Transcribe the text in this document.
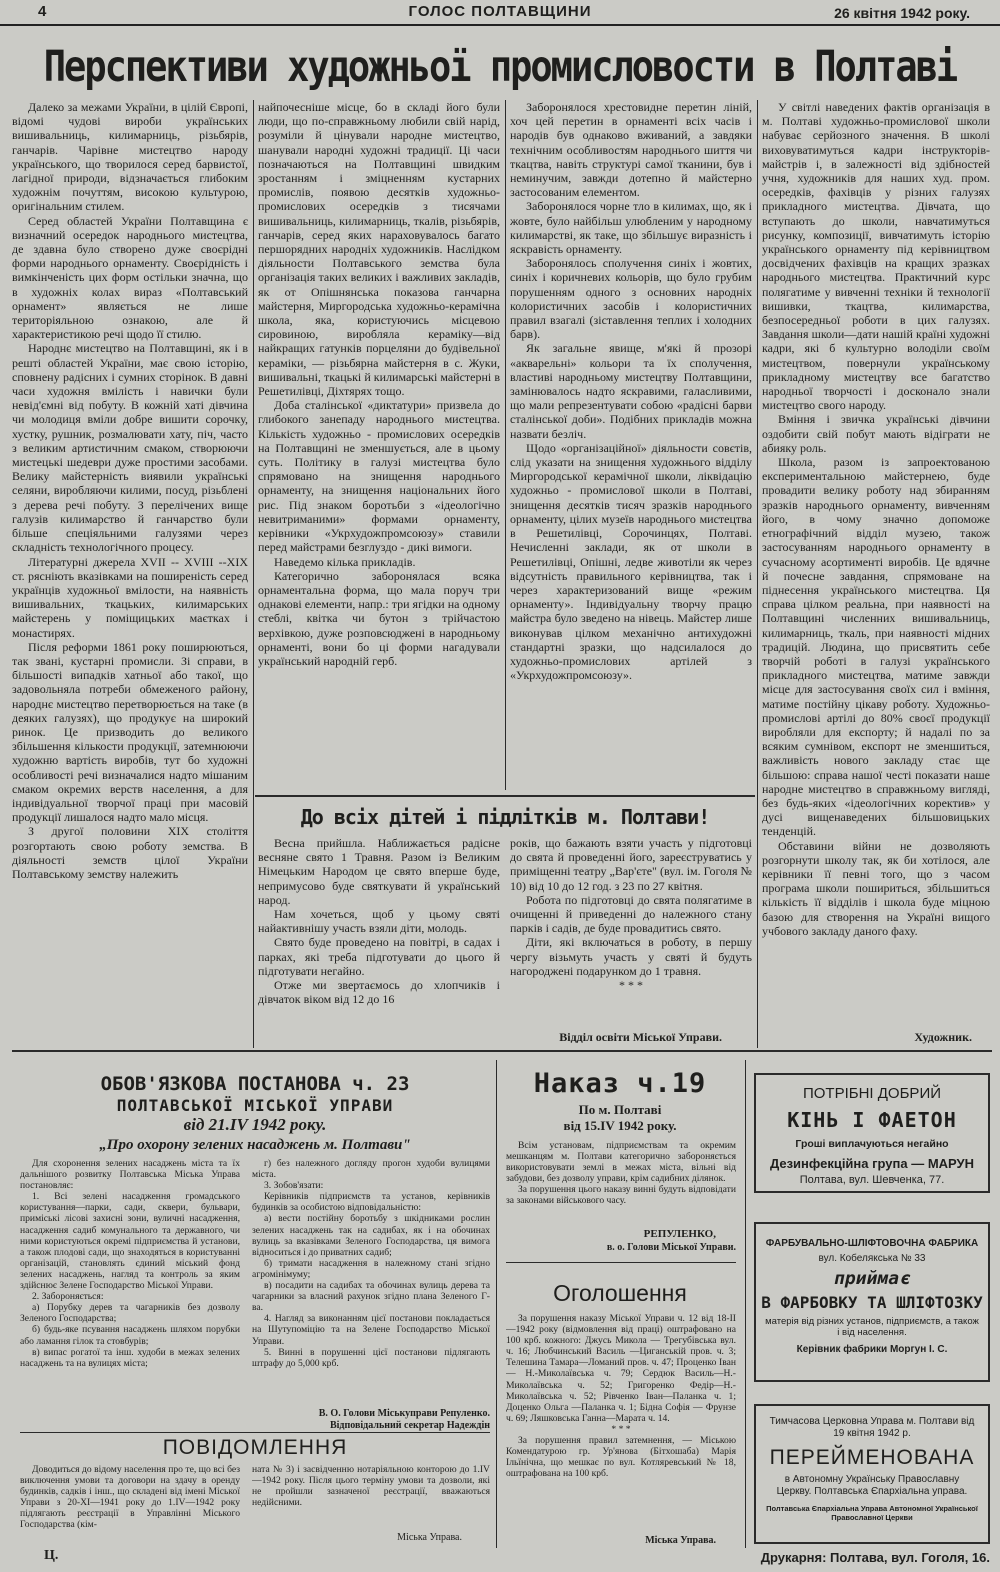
4	ГОЛОС ПОЛТАВЩИНИ	26 квітня 1942 року.
Перспективи художньої промисловости в Полтаві

Далеко за межами України, в цілій Європі, відомі чудові вироби українських вишивальниць, килимарниць, різьбярів, ганчарів. Чарівне мистецтво народу українського, що творилося серед барвистої, лагідної природи, відзначається глибоким художнім почуттям, високою культурою, оригінальним стилем.

Серед областей України Полтавщина є визначний осередок народнього мистецтва, де здавна було створено дуже своєрідні форми народнього орнаменту. Своєрідність і вимкінченість цих форм остільки значна, що в художніх колах вираз «Полтавський орнамент» являється не лише територіяльною ознакою, але й характеристикою речі щодо її стилю.

Народнє мистецтво на Полтавщині, як і в решті областей України, має свою історію, сповнену радісних і сумних сторінок. В давні часи художня вмілість і навички були невід'ємні від побуту. В кожній хаті дівчина чи молодиця вміли добре вишити сорочку, хустку, рушник, розмалювати хату, піч, часто з великим артистичним смаком, створюючи мистецькі шедеври дуже простими засобами. Велику майстерність виявили українські селяни, виробляючи килими, посуд, різьблені з дерева речі побуту. З перелічених вище галузів килимарство й ганчарство були більше спеціяльними галузями через складність технологічного процесу.

Літературні джерела XVII -- XVIII --XIX ст. рясніють вказівками на поширеність серед українців художньої вмілости, на наявність вишивальних, ткацьких, килимарських майстерень у поміщицьких маєтках і монастирях.

Після реформи 1861 року поширюються, так звані, кустарні промисли. Зі справи, в більшості випадків хатньої або такої, що задовольняла потреби обмеженого району, народнє мистецтво перетворюється на таке (в деяких галузях), що продукує на широкий ринок. Це призводить до великого збільшення кількости продукції, затемнюючи художню вартість виробів, тут бо художні особливості речі визначалися надто мішаним смаком окремих верств населення, а для індивідуальної творчої праці при масовій продукції лишалося надто мало місця.

З другої половини XIX століття розгортають свою роботу земства. В діяльності земств цілої України Полтавському земству належить

найпочесніше місце, бо в складі його були люди, що по-справжньому любили свій нарід, розуміли й цінували народне мистецтво, шанували народні художні традиції. Ці часи позначаються на Полтавщині швидким зростанням і зміцненням кустарних промислів, появою десятків художньо-промислових осередків з тисячами вишивальниць, килимарниць, ткалів, різьбярів, ганчарів, серед яких нараховувалось багато першорядних народніх художників. Наслідком діяльности Полтавського земства була організація таких великих і важливих закладів, як от Опішнянська показова ганчарна майстерня, Миргородська художньо-керамічна школа, яка, користуючись місцевою сировиною, виробляла кераміку—від найкращих гатунків порцеляни до будівельної кераміки, — різьбярна майстерня в с. Жуки, вишивальні, ткацькі й килимарські майстерні в Решетилівці, Діхтярях тощо.

Доба сталінської «диктатури» призвела до глибокого занепаду народнього мистецтва. Кількість художньо - промислових осередків на Полтавщині не зменшується, але в цьому суть. Політику в галузі мистецтва було спрямовано на знищення народнього орнаменту, на знищення національних його рис. Під знаком боротьби з «ідеологічно невитриманими» формами орнаменту, керівники «Укрхудожпромсоюзу» ставили перед майстрами безглуздо - дикі вимоги.

Наведемо кілька прикладів.

Категорично заборонялася всяка орнаментальна форма, що мала поруч три однакові елементи, напр.: три ягідки на одному стеблі, квітка чи бутон з трійчастою верхівкою, дуже розповсюджені в народньому орнаменті, вони бо ці форми нагадували український народній герб.

Заборонялося хрестовидне перетин ліній, хоч цей перетин в орнаменті всіх часів і народів був однаково вживаний, а завдяки технічним особливостям народнього шиття чи ткацтва, навіть структурі самої тканини, був і неминучим, завжди дотепно й майстерно застосованим елементом.

Заборонялося чорне тло в килимах, що, як і жовте, було найбільш улюбленим у народному килимарстві, як таке, що збільшує виразність і яскравість орнаменту.

Заборонялось сполучення синіх і жовтих, синіх і коричневих кольорів, що було грубим порушенням одного з основних народніх колористичних засобів і колористичних правил взагалі (зіставлення теплих і холодних барв).

Як загальне явище, м'які й прозорі «акварельні» кольори та їх сполучення, властиві народньому мистецтву Полтавщини, замінювалось надто яскравими, галасливими, що мали репрезентувати собою «радісні барви сталінської доби». Подібних прикладів можна назвати безліч.

Щодо «організаційної» діяльности совєтів, слід указати на знищення художнього відділу Миргородської керамічної школи, ліквідацію художньо - промислової школи в Полтаві, знищення десятків тисяч зразків народнього орнаменту, цілих музеїв народнього мистецтва в Решетилівці, Сорочинцях, Полтаві. Нечисленні заклади, як от школи в Решетилівці, Опішні, ледве животіли як через відсутність правильного керівництва, так і через характеризований вище «режим орнаменту». Індивідуальну творчу працю майстра було зведено на нівець. Майстер лише виконував цілком механічно антихудожні стандартні зразки, що надсилалося до художньо-промислових артілей з «Укрхудожпромсоюзу».

У світлі наведених фактів організація в м. Полтаві художньо-промислової школи набуває серйозного значення. В школі виховуватимуться кадри інструкторів-майстрів і, в залежності від здібностей учня, художників для наших худ. пром. осередків, фахівців у різних галузях прикладного мистецтва. Дівчата, що вступають до школи, навчатимуться рисунку, композиції, вивчатимуть історію українського орнаменту під керівництвом досвідчених фахівців на кращих зразках народнього мистецтва. Практичний курс полягатиме у вивченні техніки й технології вишивки, ткацтва, килимарства, безпосередньої роботи в цих галузях. Завдання школи—дати нашій країні художні кадри, які б культурно володіли своїм мистецтвом, повернули українському прикладному мистецтву все багатство народньої творчості і досконало знали мистецтво свого народу.

Вміння і звичка українські дівчини оздобити свій побут мають відіграти не абияку роль.

Школа, разом із запроектованою експериментальною майстернею, буде провадити велику роботу над збиранням зразків народнього орнаменту, вивченням його, в чому значно допоможе етнографічний відділ музею, також застосуванням народнього орнаменту в сучасному асортименті виробів. Це вдячне й почесне завдання, спрямоване на піднесення українського мистецтва. Ця справа цілком реальна, при наявності на Полтавщині численних вишивальниць, килимарниць, ткаль, при наявності мідних традицій. Людина, що присвятить себе творчій роботі в галузі українського прикладного мистецтва, матиме завжди місце для застосування своїх сил і вміння, матиме постійну цікаву роботу. Художньо-промислові артілі до 80% своєї продукції виробляли для експорту; й надалі по за всяким сумнівом, експорт не зменшиться, важливість нового закладу стає ще більшою: справа нашої честі показати наше народне мистецтво в справжньому вигляді, без будь-яких «ідеологічних коректив» у дусі вищенаведених більшовицьких тенденцій.

Обставини війни не дозволяють розгорнути школу так, як би хотілося, але керівники її певні того, що з часом програма школи поширитьcя, збільшиться кількість її відділів і школа буде міцною базою для створення на Україні вищого учбового закладу даного фаху.

Художник.
До всіх дітей і підлітків м. Полтави!

Весна прийшла. Наближається радісне весняне свято 1 Травня. Разом із Великим Німецьким Народом це свято вперше буде, непримусово буде святкувати й український народ.

Нам хочеться, щоб у цьому святі найактивнішу участь взяли діти, молодь.

Свято буде проведено на повітрі, в садах і парках, які треба підготувати до цього й підготувати негайно.

Отже ми звертаємось до хлопчиків і дівчаток віком від 12 до 16

років, що бажають взяти участь у підготовці до свята й проведенні його, зареєструватись у приміщенні театру „Вар'єте" (вул. ім. Гоголя № 10) від 10 до 12 год. з 23 по 27 квітня.

Робота по підготовці до свята полягатиме в очищенні й приведенні до належного стану парків і садів, де буде провадитись свято.

Діти, які включаться в роботу, в першу чергу візьмуть участь у святі й будуть нагороджені подарунком до 1 травня.

* * *
Відділ освіти Міської Управи.
ОБОВ'ЯЗКОВА ПОСТАНОВА ч. 23
ПОЛТАВСЬКОЇ МІСЬКОЇ УПРАВИ
від 21.IV 1942 року.
„Про охорону зелених насаджень м. Полтави"

Для схоронення зелених насаджень міста та їх дальнішого розвитку Полтавська Міська Управа постановляє:

1. Всі зелені насадження громадського користування—парки, сади, сквери, бульвари, приміські лісові захисні зони, вуличні насадження, насадження садиб комунального та державного, чи ними користуються окремі підприємства й установи, а також плодові сади, що знаходяться в користуванні організацій, становлять єдиний міський фонд зелених насаджень, нагляд та контроль за яким здійснює Зелене Господарство Міської Управи.

2. Забороняється:

а) Порубку дерев та чагарників без дозволу Зеленого Господарства;

б) будь-яке псування насаджень шляхом порубки або ламання гілок та стовбурів;

в) випас рогатої та інш. худоби в межах зелених насаджень та на вулицях міста;

г) без належного догляду прогон худоби вулицями міста.

3. Зобов'язати:

Керівників підприємств та установ, керівників будинків за особистою відповідальністю:

а) вести постійну боротьбу з шкідниками рослин зелених насаджень так на садибах, як і на обочинах вулиць за вказівками Зеленого Господарства, ця вимога відноситься і до приватних садиб;

б) тримати насадження в належному стані згідно агромінімуму;

в) посадити на садибах та обочинах вулиць дерева та чагарники за власний рахунок згідно плана Зеленого Г-ва.

4. Нагляд за виконанням цієї постанови покладається на Шутупоміцію та на Зелене Господарство Міської Управи.

5. Винні в порушенні цієї постанови підлягають штрафу до 5,000 крб.

В. О. Голови Міськуправи Репуленко. Відповідальний секретар Надеждін
ПОВІДОМЛЕННЯ

Доводиться до відому населення про те, що всі без виключення умови та договори на здачу в оренду будинків, садків і інш., що складені від імені Міської Управи з 20-XI—1941 року до 1.IV—1942 року підлягають реєстрації в Управлінні Міського Господарства (кім-

ната № 3) і засвідченню нотаріяльною конторою до 1.IV—1942 року. Після цього терміну умови та дозволи, які не пройшли зазначеної реєстрації, вважаються недійсними.

Міська Управа.
Наказ ч.19
По м. Полтаві
від 15.IV 1942 року.

Всім установам, підприємствам та окремим мешканцям м. Полтави категорично забороняється використовувати землі в межах міста, вільні від забудови, без дозволу управи, крім садибних ділянок.

За порушення цього наказу винні будуть відповідати за законами військового часу.

РЕПУЛЕНКО,
в. о. Голови Міської Управи.
Оголошення

За порушення наказу Міської Управи ч. 12 від 18-II—1942 року (відмовлення від праці) оштрафовано на 100 крб. кожного: Джусь Микола — Трегубівська вул. ч. 16; Любчинський Василь —Циганській пров. ч. 3; Телешина Тамара—Ломаний пров. ч. 47; Проценко Іван — Н.-Миколаївська ч. 79; Сердюк Василь—Н.-Миколаївська ч. 52; Григоренко Федір—Н.-Миколаївська ч. 52; Рівченко Іван—Паланка ч. 1; Доценко Ольга —Паланка ч. 1; Бідна Софія — Фрунзе ч. 69; Ляшковська Ганна—Марата ч. 14.

* * *

За порушення правил затемнення, — Міською Комендатурою гр. Ур'янова (Бітхошаба) Марія Ільїнічна, що мешкає по вул. Котляревський № 18, оштрафована на 100 крб.

Міська Управа.
ПОТРІБНІ ДОБРИЙ
КІНЬ І ФАЕТОН
Гроші виплачуються негайно
Дезинфекційна група — МАРУН
Полтава, вул. Шевченка, 77.
ФАРБУВАЛЬНО-ШЛІФТОВОЧНА ФАБРИКА
вул. Кобелякська № 33
приймає
В ФАРБОВКУ ТА ШЛІФТОЗКУ
матерія від різних установ, підприємств, а також і від населення.
Керівник фабрики Моргун І. С.
Тимчасова Церковна Управа м. Полтави від 19 квітня 1942 р.
ПЕРЕЙМЕНОВАНА
в Автономну Українську Православну Церкву. Полтавська Єпархіальна управа.
Полтавська Єпархіальна Управа Автономної Української Православної Церкви
Ц.	Друкарня: Полтава, вул. Гоголя, 16.
